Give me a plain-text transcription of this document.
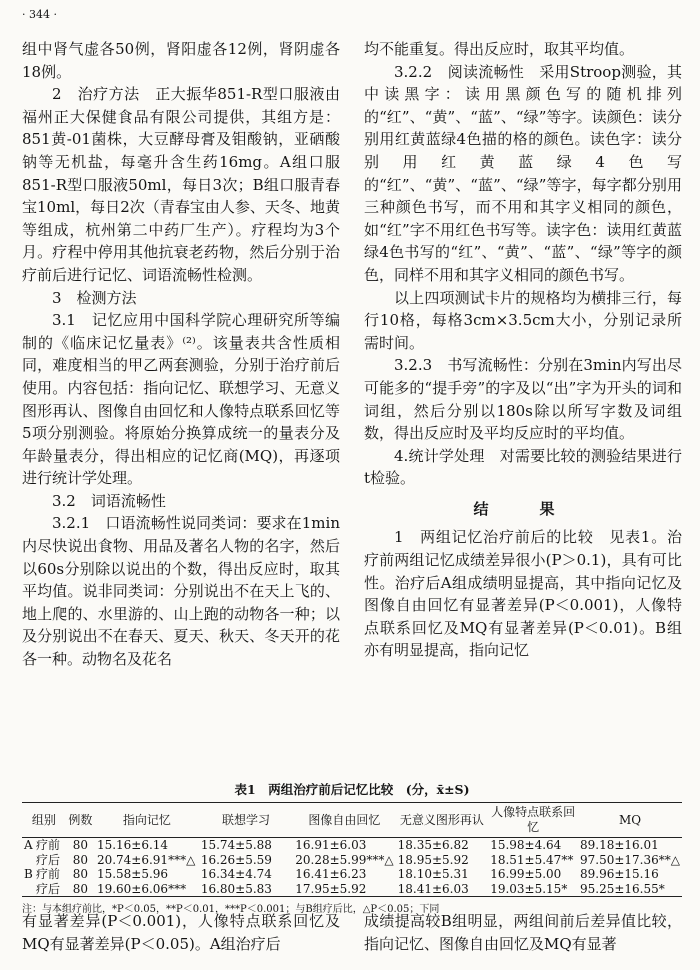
· 344 ·

组中肾气虚各50例，肾阳虚各12例，肾阴虚各18例。

2　治疗方法　正大振华851-R型口服液由福州正大保健食品有限公司提供，其组方是：851黄-01菌株，大豆酵母膏及钼酸钠，亚硒酸钠等无机盐，每毫升含生药16mg。A组口服851-R型口服液50ml，每日3次；B组口服青春宝10ml，每日2次（青春宝由人参、天冬、地黄等组成，杭州第二中药厂生产）。疗程均为3个月。疗程中停用其他抗衰老药物，然后分别于治疗前后进行记忆、词语流畅性检测。

3　检测方法

3.1　记忆应用中国科学院心理研究所等编制的《临床记忆量表》⁽²⁾。该量表共含性质相同，难度相当的甲乙两套测验，分别于治疗前后使用。内容包括：指向记忆、联想学习、无意义图形再认、图像自由回忆和人像特点联系回忆等5项分别测验。将原始分换算成统一的量表分及年龄量表分，得出相应的记忆商(MQ)，再逐项进行统计学处理。

3.2　词语流畅性

3.2.1　口语流畅性说同类词：要求在1min内尽快说出食物、用品及著名人物的名字，然后以60s分别除以说出的个数，得出反应时，取其平均值。说非同类词：分别说出不在天上飞的、地上爬的、水里游的、山上跑的动物各一种；以及分别说出不在春天、夏天、秋天、冬天开的花各一种。动物名及花名

均不能重复。得出反应时，取其平均值。

3.2.2　阅读流畅性　采用Stroop测验，其中读黑字：读用黑颜色写的随机排列的“红”、“黄”、“蓝”、“绿”等字。读颜色：读分别用红黄蓝绿4色描的格的颜色。读色字：读分别用红黄蓝绿4色写的“红”、“黄”、“蓝”、“绿”等字，每字都分别用三种颜色书写，而不用和其字义相同的颜色，如“红”字不用红色书写等。读字色：读用红黄蓝绿4色书写的“红”、“黄”、“蓝”、“绿”等字的颜色，同样不用和其字义相同的颜色书写。

以上四项测试卡片的规格均为横排三行，每行10格，每格3cm×3.5cm大小，分别记录所需时间。

3.2.3　书写流畅性：分别在3min内写出尽可能多的“提手旁”的字及以“出”字为开头的词和词组，然后分别以180s除以所写字数及词组数，得出反应时及平均反应时的平均值。

4.统计学处理　对需要比较的测验结果进行t检验。

结　果

1　两组记忆治疗前后的比较　见表1。治疗前两组记忆成绩差异很小(P＞0.1)，具有可比性。治疗后A组成绩明显提高，其中指向记忆及图像自由回忆有显著差异(P＜0.001)，人像特点联系回忆及MQ有显著差异(P＜0.01)。B组亦有明显提高，指向记忆

表1　两组治疗前后记忆比较　(分，x̄±S)
组别	例数	指向记忆	联想学习	图像自由回忆	无意义图形再认	人像特点联系回忆	MQ
A 疗前	80	15.16±6.14	15.74±5.88	16.91±6.03	18.35±6.82	15.98±4.64	89.18±16.01
疗后	80	20.74±6.91***△	16.26±5.59	20.28±5.99***△	18.95±5.92	18.51±5.47**	97.50±17.36**△
B 疗前	80	15.58±5.96	16.34±4.74	16.41±6.23	18.10±5.31	16.99±5.00	89.96±15.16
疗后	80	19.60±6.06***	16.80±5.83	17.95±5.92	18.41±6.03	19.03±5.15*	95.25±16.55*
注：与本组疗前比，*P＜0.05，**P＜0.01，***P＜0.001；与B组疗后比，△P＜0.05；下同

有显著差异(P＜0.001)，人像特点联系回忆及MQ有显著差异(P＜0.05)。A组治疗后

成绩提高较B组明显，两组间前后差异值比较，指向记忆、图像自由回忆及MQ有显著
